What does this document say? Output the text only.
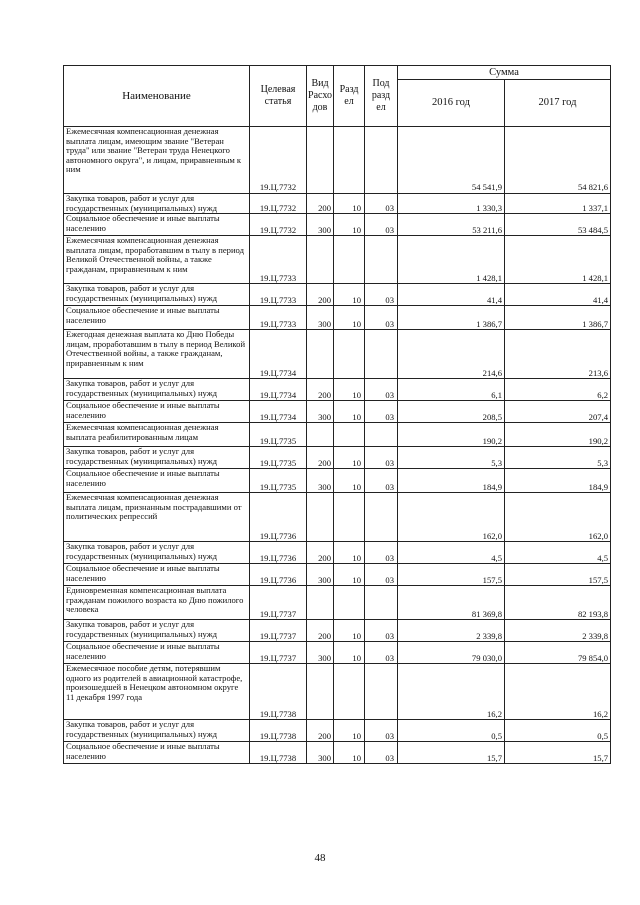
Наименование	Целевая статья	Вид Расхо дов	Разд ел	Под разд ел	Сумма	
					2016 год	2017 год
Ежемесячная компенсационная денежная выплата лицам, имеющим звание "Ветеран труда" или звание "Ветеран труда Ненецкого автономного округа", и лицам, приравненным к ним	19.Ц.7732				54 541,9	54 821,6
Закупка товаров, работ и услуг для государственных (муниципальных) нужд	19.Ц.7732	200	10	03	1 330,3	1 337,1
Социальное обеспечение и иные выплаты населению	19.Ц.7732	300	10	03	53 211,6	53 484,5
Ежемесячная компенсационная денежная выплата лицам, проработавшим в тылу в период Великой Отечественной войны, а также гражданам, приравненным к ним	19.Ц.7733				1 428,1	1 428,1
Закупка товаров, работ и услуг для государственных (муниципальных) нужд	19.Ц.7733	200	10	03	41,4	41,4
Социальное обеспечение и иные выплаты населению	19.Ц.7733	300	10	03	1 386,7	1 386,7
Ежегодная денежная выплата ко Дню Победы лицам, проработавшим в тылу в период Великой Отечественной войны, а также гражданам, приравненным к ним	19.Ц.7734				214,6	213,6
Закупка товаров, работ и услуг для государственных (муниципальных) нужд	19.Ц.7734	200	10	03	6,1	6,2
Социальное обеспечение и иные выплаты населению	19.Ц.7734	300	10	03	208,5	207,4
Ежемесячная компенсационная денежная выплата реабилитированным лицам	19.Ц.7735				190,2	190,2
Закупка товаров, работ и услуг для государственных (муниципальных) нужд	19.Ц.7735	200	10	03	5,3	5,3
Социальное обеспечение и иные выплаты населению	19.Ц.7735	300	10	03	184,9	184,9
Ежемесячная компенсационная денежная выплата лицам, признанным пострадавшими от политических репрессий	19.Ц.7736				162,0	162,0
Закупка товаров, работ и услуг для государственных (муниципальных) нужд	19.Ц.7736	200	10	03	4,5	4,5
Социальное обеспечение и иные выплаты населению	19.Ц.7736	300	10	03	157,5	157,5
Единовременная компенсационная выплата гражданам пожилого возраста ко Дню пожилого человека	19.Ц.7737				81 369,8	82 193,8
Закупка товаров, работ и услуг для государственных (муниципальных) нужд	19.Ц.7737	200	10	03	2 339,8	2 339,8
Социальное обеспечение и иные выплаты населению	19.Ц.7737	300	10	03	79 030,0	79 854,0
Ежемесячное пособие детям, потерявшим одного из родителей в авиационной катастрофе, произошедшей в Ненецком автономном округе 11 декабря 1997 года	19.Ц.7738				16,2	16,2
Закупка товаров, работ и услуг для государственных (муниципальных) нужд	19.Ц.7738	200	10	03	0,5	0,5
Социальное обеспечение и иные выплаты населению	19.Ц.7738	300	10	03	15,7	15,7
48
